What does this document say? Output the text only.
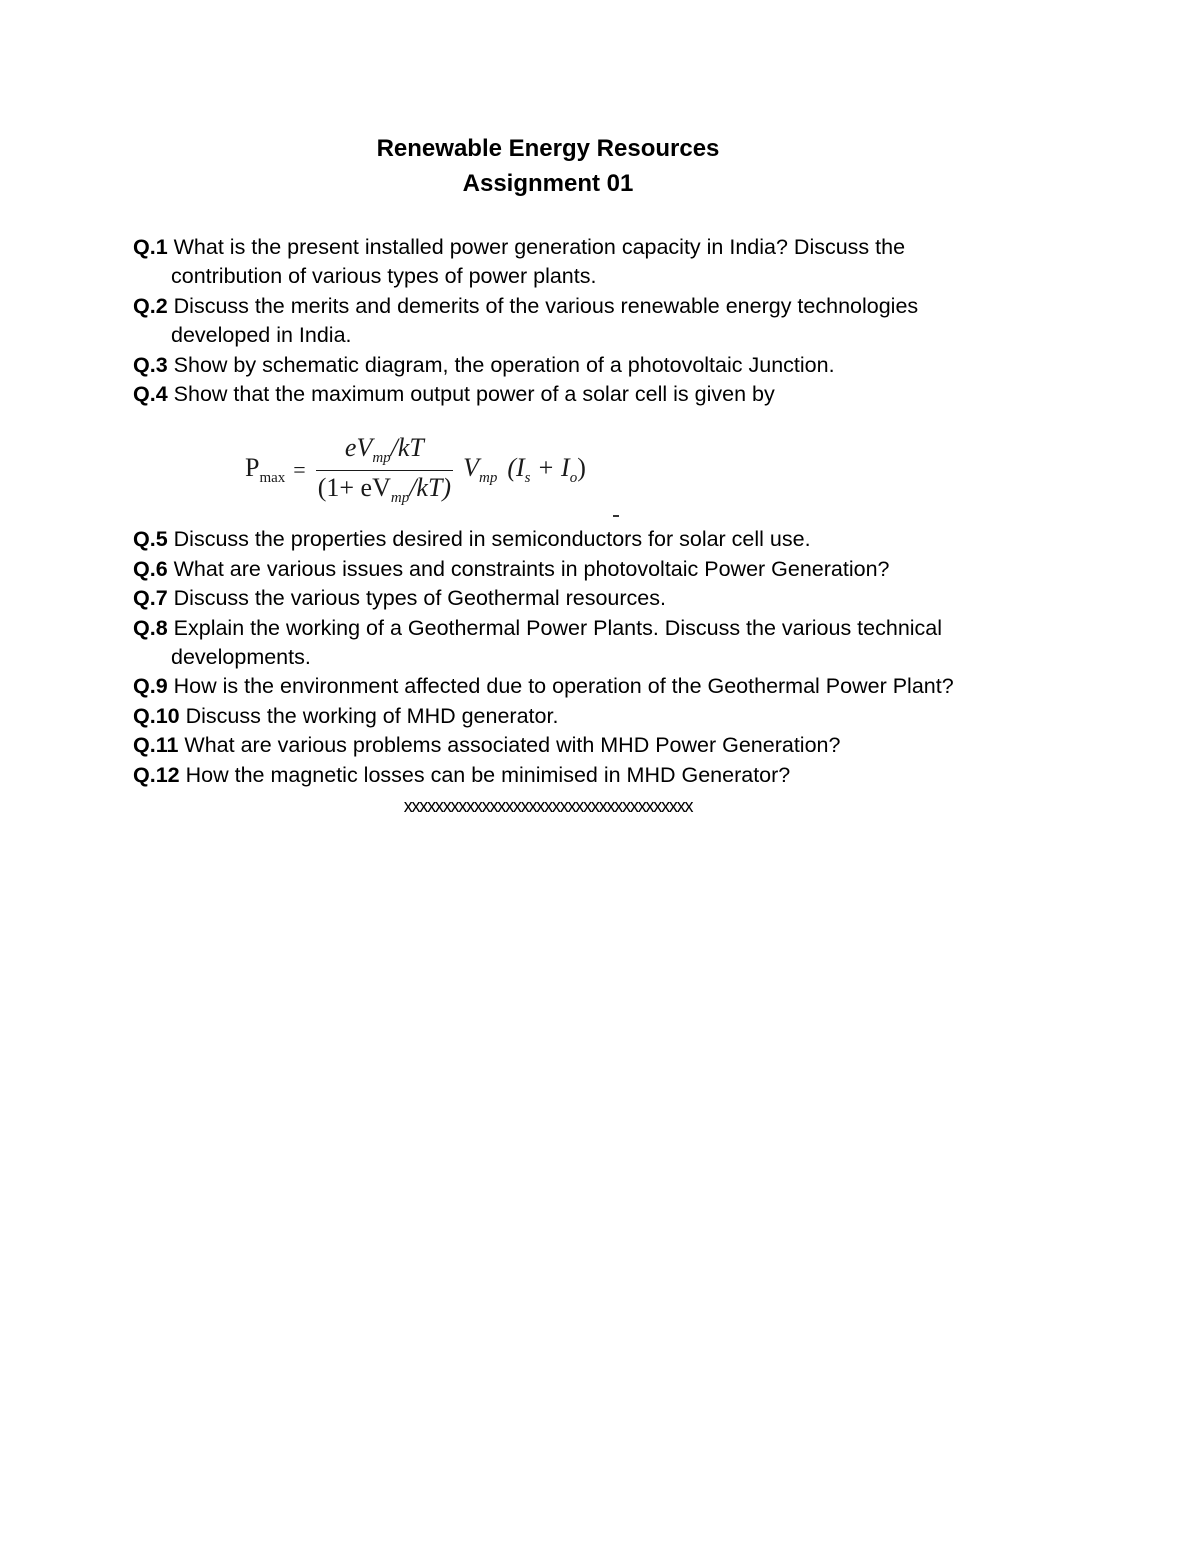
Renewable Energy Resources
Assignment 01

Q.1 What is the present installed power generation capacity in India? Discuss the contribution of various types of power plants.

Q.2 Discuss the merits and demerits of the various renewable energy technologies developed in India.

Q.3 Show by schematic diagram, the operation of a photovoltaic Junction.

Q.4 Show that the maximum output power of a solar cell is given by

$P_{max} = \frac{eV_{mp}/kT}{(1+ eV_{mp}/kT)} V_{mp}$ $(I_s + I_o)$

Q.5 Discuss the properties desired in semiconductors for solar cell use.

Q.6 What are various issues and constraints in photovoltaic Power Generation?

Q.7 Discuss the various types of Geothermal resources.

Q.8 Explain the working of a Geothermal Power Plants. Discuss the various technical developments.

Q.9 How is the environment affected due to operation of the Geothermal Power Plant?

Q.10 Discuss the working of MHD generator.

Q.11 What are various problems associated with MHD Power Generation?

Q.12 How the magnetic losses can be minimised in MHD Generator?

xxxxxxxxxxxxxxxxxxxxxxxxxxxxxxxxxxxxx
